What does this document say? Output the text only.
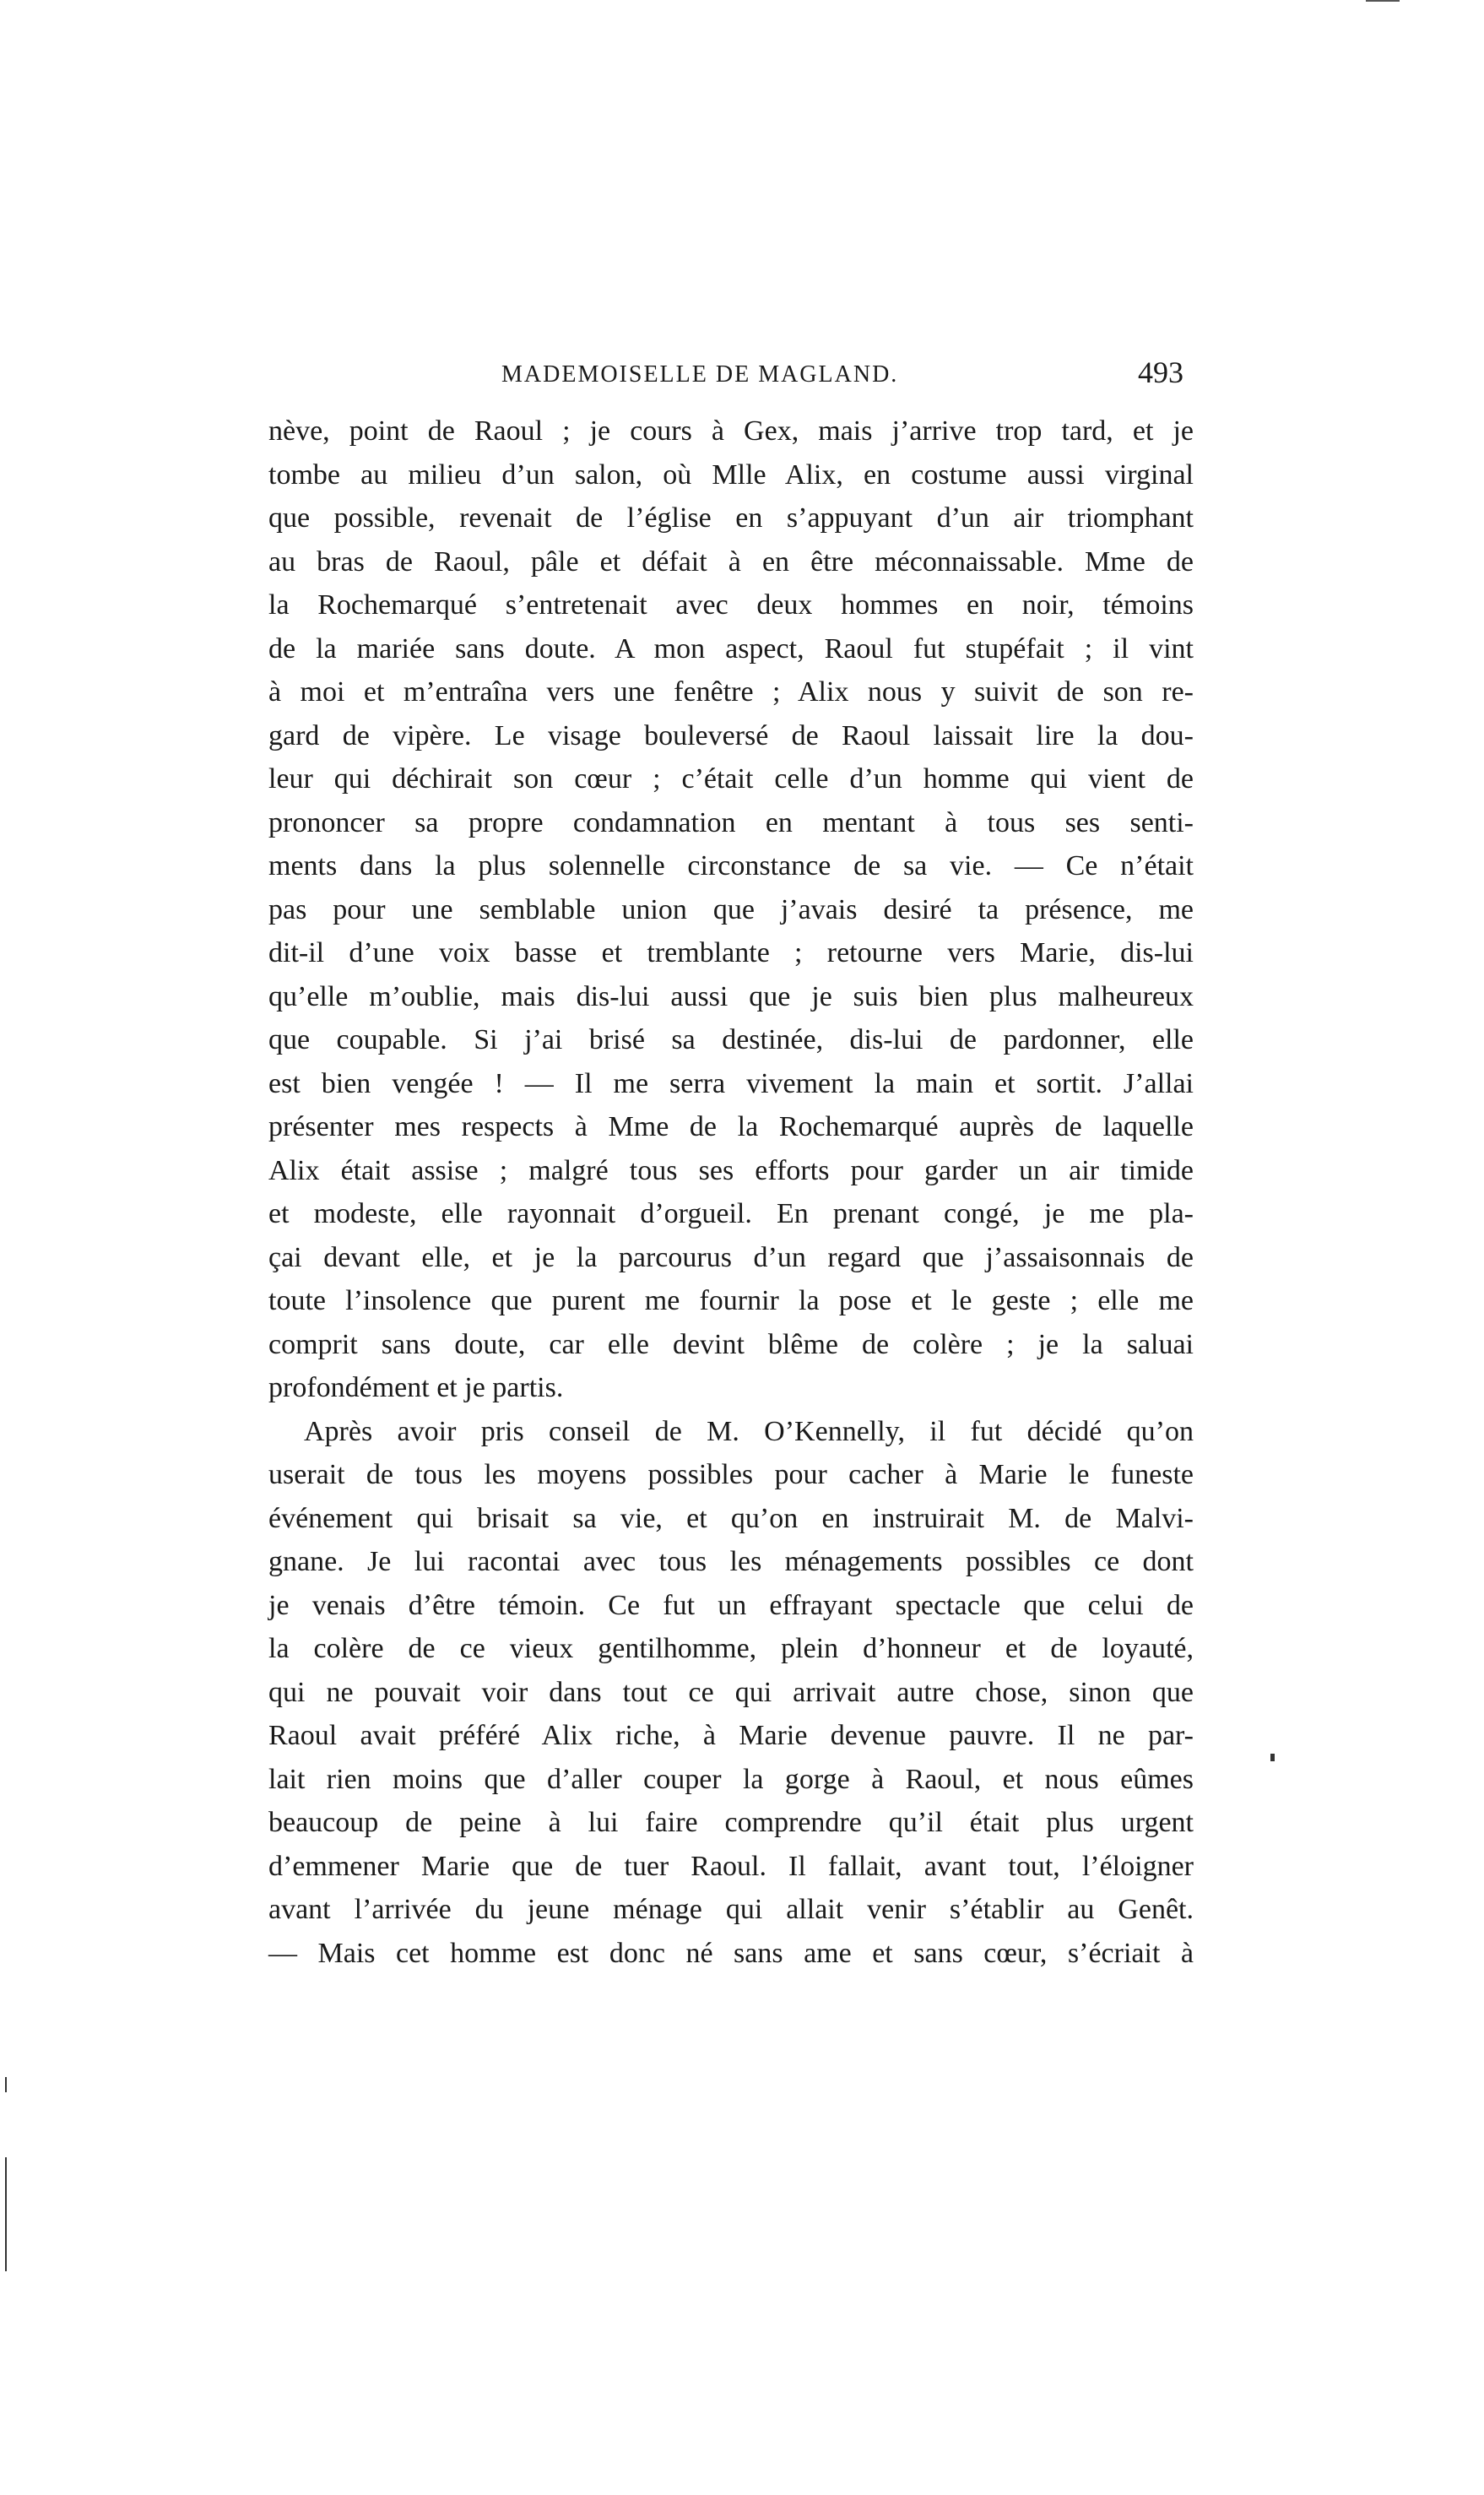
MADEMOISELLE DE MAGLAND.	493
nève, point de Raoul ; je cours à Gex, mais j’arrive trop tard, et je
tombe au milieu d’un salon, où Mlle Alix, en costume aussi virginal
que possible, revenait de l’église en s’appuyant d’un air triomphant
au bras de Raoul, pâle et défait à en être méconnaissable. Mme de
la Rochemarqué s’entretenait avec deux hommes en noir, témoins
de la mariée sans doute. A mon aspect, Raoul fut stupéfait ; il vint
à moi et m’entraîna vers une fenêtre ; Alix nous y suivit de son re-
gard de vipère. Le visage bouleversé de Raoul laissait lire la dou-
leur qui déchirait son cœur ; c’était celle d’un homme qui vient de
prononcer sa propre condamnation en mentant à tous ses senti-
ments dans la plus solennelle circonstance de sa vie. — Ce n’était
pas pour une semblable union que j’avais desiré ta présence, me
dit-il d’une voix basse et tremblante ; retourne vers Marie, dis-lui
qu’elle m’oublie, mais dis-lui aussi que je suis bien plus malheureux
que coupable. Si j’ai brisé sa destinée, dis-lui de pardonner, elle
est bien vengée ! — Il me serra vivement la main et sortit. J’allai
présenter mes respects à Mme de la Rochemarqué auprès de laquelle
Alix était assise ; malgré tous ses efforts pour garder un air timide
et modeste, elle rayonnait d’orgueil. En prenant congé, je me pla-
çai devant elle, et je la parcourus d’un regard que j’assaisonnais de
toute l’insolence que purent me fournir la pose et le geste ; elle me
comprit sans doute, car elle devint blême de colère ; je la saluai
profondément et je partis.
Après avoir pris conseil de M. O’Kennelly, il fut décidé qu’on
userait de tous les moyens possibles pour cacher à Marie le funeste
événement qui brisait sa vie, et qu’on en instruirait M. de Malvi-
gnane. Je lui racontai avec tous les ménagements possibles ce dont
je venais d’être témoin. Ce fut un effrayant spectacle que celui de
la colère de ce vieux gentilhomme, plein d’honneur et de loyauté,
qui ne pouvait voir dans tout ce qui arrivait autre chose, sinon que
Raoul avait préféré Alix riche, à Marie devenue pauvre. Il ne par-
lait rien moins que d’aller couper la gorge à Raoul, et nous eûmes
beaucoup de peine à lui faire comprendre qu’il était plus urgent
d’emmener Marie que de tuer Raoul. Il fallait, avant tout, l’éloigner
avant l’arrivée du jeune ménage qui allait venir s’établir au Genêt.
— Mais cet homme est donc né sans ame et sans cœur, s’écriait à
